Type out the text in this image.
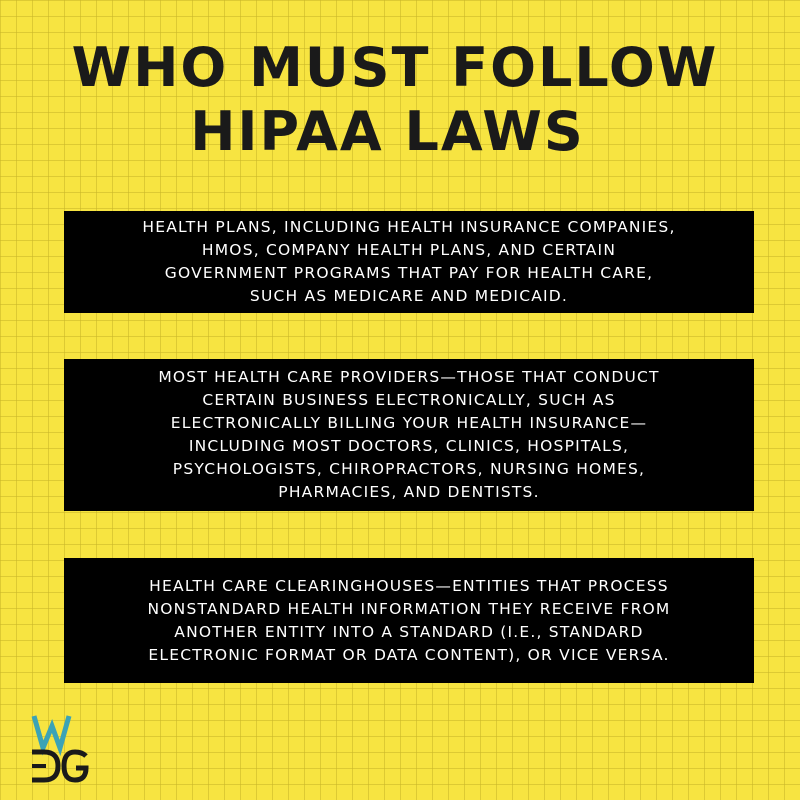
WHO MUST FOLLOW
HIPAA LAWS
HEALTH PLANS, INCLUDING HEALTH INSURANCE COMPANIES,
HMOS, COMPANY HEALTH PLANS, AND CERTAIN
GOVERNMENT PROGRAMS THAT PAY FOR HEALTH CARE,
SUCH AS MEDICARE AND MEDICAID.
MOST HEALTH CARE PROVIDERS—THOSE THAT CONDUCT
CERTAIN BUSINESS ELECTRONICALLY, SUCH AS
ELECTRONICALLY BILLING YOUR HEALTH INSURANCE—
INCLUDING MOST DOCTORS, CLINICS, HOSPITALS,
PSYCHOLOGISTS, CHIROPRACTORS, NURSING HOMES,
PHARMACIES, AND DENTISTS.
HEALTH CARE CLEARINGHOUSES—ENTITIES THAT PROCESS
NONSTANDARD HEALTH INFORMATION THEY RECEIVE FROM
ANOTHER ENTITY INTO A STANDARD (I.E., STANDARD
ELECTRONIC FORMAT OR DATA CONTENT), OR VICE VERSA.
